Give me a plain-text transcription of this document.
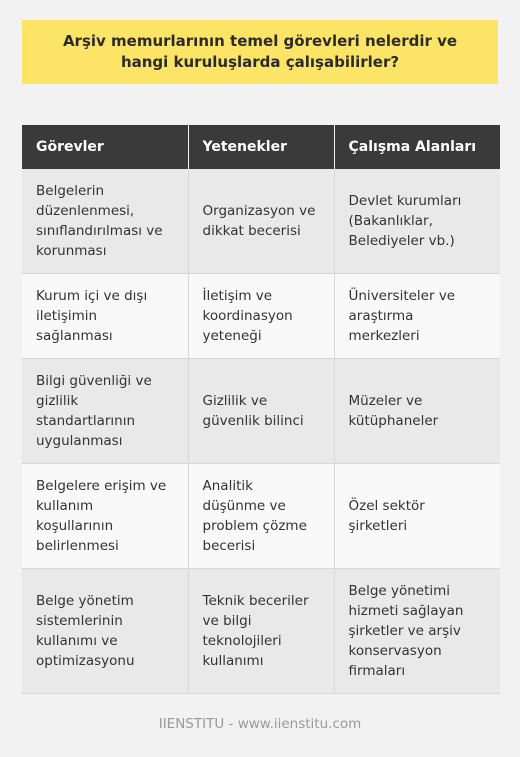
Arşiv memurlarının temel görevleri nelerdir ve hangi kuruluşlarda çalışabilirler?
Görevler	Yetenekler	Çalışma Alanları
Belgelerin düzenlenmesi, sınıflandırılması ve korunması	Organizasyon ve dikkat becerisi	Devlet kurumları (Bakanlıklar, Belediyeler vb.)
Kurum içi ve dışı iletişimin sağlanması	İletişim ve koordinasyon yeteneği	Üniversiteler ve araştırma merkezleri
Bilgi güvenliği ve gizlilik standartlarının uygulanması	Gizlilik ve güvenlik bilinci	Müzeler ve kütüphaneler
Belgelere erişim ve kullanım koşullarının belirlenmesi	Analitik düşünme ve problem çözme becerisi	Özel sektör şirketleri
Belge yönetim sistemlerinin kullanımı ve optimizasyonu	Teknik beceriler ve bilgi teknolojileri kullanımı	Belge yönetimi hizmeti sağlayan şirketler ve arşiv konservasyon firmaları
IIENSTITU - www.iienstitu.com
